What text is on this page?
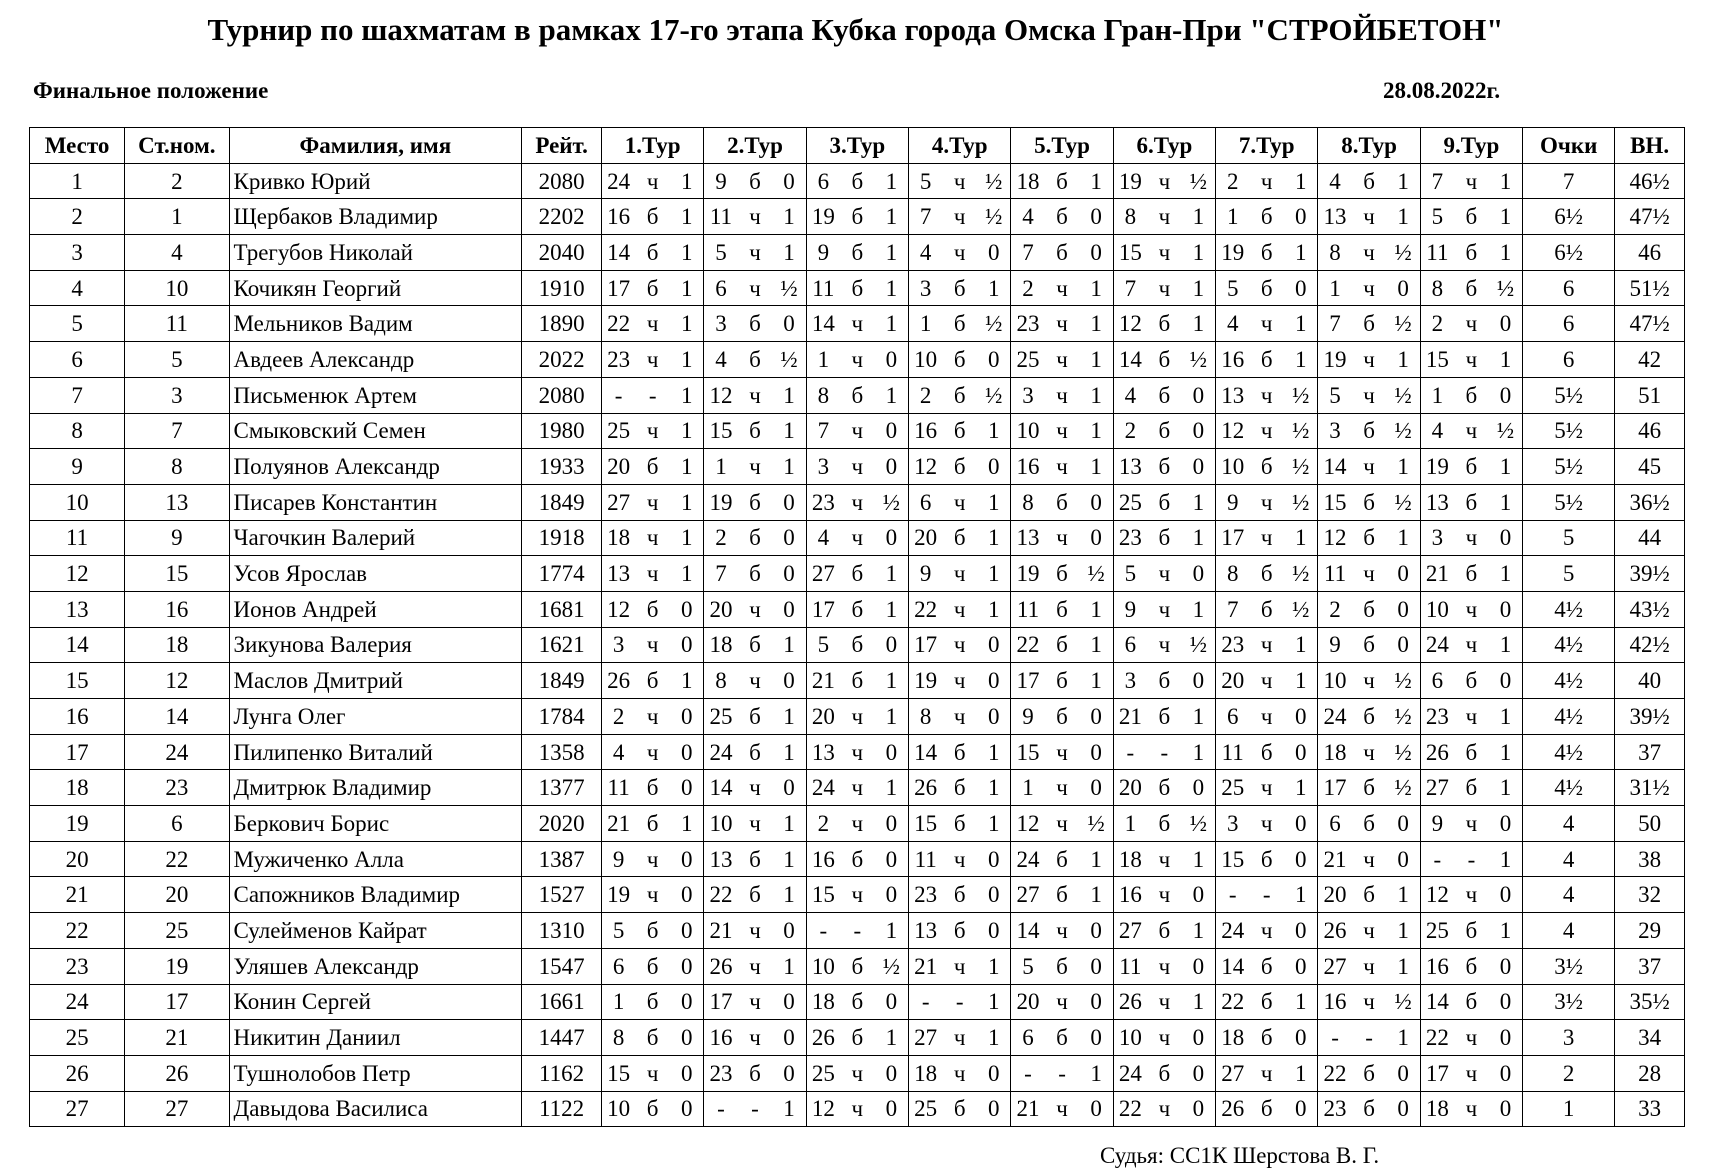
Турнир по шахматам в рамках 17-го этапа Кубка города Омска Гран-При "СТРОЙБЕТОН"
Финальное положение	28.08.2022г.
Место	Ст.ном.	Фамилия, имя	Рейт.	1.Тур			2.Тур			3.Тур			4.Тур			5.Тур			6.Тур			7.Тур			8.Тур			9.Тур			Очки	ВН.
1	2	Кривко Юрий	2080	24	ч	1	9	б	0	6	б	1	5	ч	½	18	б	1	19	ч	½	2	ч	1	4	б	1	7	ч	1	7	46½
2	1	Щербаков Владимир	2202	16	б	1	11	ч	1	19	б	1	7	ч	½	4	б	0	8	ч	1	1	б	0	13	ч	1	5	б	1	6½	47½
3	4	Трегубов Николай	2040	14	б	1	5	ч	1	9	б	1	4	ч	0	7	б	0	15	ч	1	19	б	1	8	ч	½	11	б	1	6½	46
4	10	Кочикян Георгий	1910	17	б	1	6	ч	½	11	б	1	3	б	1	2	ч	1	7	ч	1	5	б	0	1	ч	0	8	б	½	6	51½
5	11	Мельников Вадим	1890	22	ч	1	3	б	0	14	ч	1	1	б	½	23	ч	1	12	б	1	4	ч	1	7	б	½	2	ч	0	6	47½
6	5	Авдеев Александр	2022	23	ч	1	4	б	½	1	ч	0	10	б	0	25	ч	1	14	б	½	16	б	1	19	ч	1	15	ч	1	6	42
7	3	Письменюк Артем	2080	-	-	1	12	ч	1	8	б	1	2	б	½	3	ч	1	4	б	0	13	ч	½	5	ч	½	1	б	0	5½	51
8	7	Смыковский Семен	1980	25	ч	1	15	б	1	7	ч	0	16	б	1	10	ч	1	2	б	0	12	ч	½	3	б	½	4	ч	½	5½	46
9	8	Полуянов Александр	1933	20	б	1	1	ч	1	3	ч	0	12	б	0	16	ч	1	13	б	0	10	б	½	14	ч	1	19	б	1	5½	45
10	13	Писарев Константин	1849	27	ч	1	19	б	0	23	ч	½	6	ч	1	8	б	0	25	б	1	9	ч	½	15	б	½	13	б	1	5½	36½
11	9	Чагочкин Валерий	1918	18	ч	1	2	б	0	4	ч	0	20	б	1	13	ч	0	23	б	1	17	ч	1	12	б	1	3	ч	0	5	44
12	15	Усов Ярослав	1774	13	ч	1	7	б	0	27	б	1	9	ч	1	19	б	½	5	ч	0	8	б	½	11	ч	0	21	б	1	5	39½
13	16	Ионов Андрей	1681	12	б	0	20	ч	0	17	б	1	22	ч	1	11	б	1	9	ч	1	7	б	½	2	б	0	10	ч	0	4½	43½
14	18	Зикунова Валерия	1621	3	ч	0	18	б	1	5	б	0	17	ч	0	22	б	1	6	ч	½	23	ч	1	9	б	0	24	ч	1	4½	42½
15	12	Маслов Дмитрий	1849	26	б	1	8	ч	0	21	б	1	19	ч	0	17	б	1	3	б	0	20	ч	1	10	ч	½	6	б	0	4½	40
16	14	Лунга Олег	1784	2	ч	0	25	б	1	20	ч	1	8	ч	0	9	б	0	21	б	1	6	ч	0	24	б	½	23	ч	1	4½	39½
17	24	Пилипенко Виталий	1358	4	ч	0	24	б	1	13	ч	0	14	б	1	15	ч	0	-	-	1	11	б	0	18	ч	½	26	б	1	4½	37
18	23	Дмитрюк Владимир	1377	11	б	0	14	ч	0	24	ч	1	26	б	1	1	ч	0	20	б	0	25	ч	1	17	б	½	27	б	1	4½	31½
19	6	Беркович Борис	2020	21	б	1	10	ч	1	2	ч	0	15	б	1	12	ч	½	1	б	½	3	ч	0	6	б	0	9	ч	0	4	50
20	22	Мужиченко Алла	1387	9	ч	0	13	б	1	16	б	0	11	ч	0	24	б	1	18	ч	1	15	б	0	21	ч	0	-	-	1	4	38
21	20	Сапожников Владимир	1527	19	ч	0	22	б	1	15	ч	0	23	б	0	27	б	1	16	ч	0	-	-	1	20	б	1	12	ч	0	4	32
22	25	Сулейменов Кайрат	1310	5	б	0	21	ч	0	-	-	1	13	б	0	14	ч	0	27	б	1	24	ч	0	26	ч	1	25	б	1	4	29
23	19	Уляшев Александр	1547	6	б	0	26	ч	1	10	б	½	21	ч	1	5	б	0	11	ч	0	14	б	0	27	ч	1	16	б	0	3½	37
24	17	Конин Сергей	1661	1	б	0	17	ч	0	18	б	0	-	-	1	20	ч	0	26	ч	1	22	б	1	16	ч	½	14	б	0	3½	35½
25	21	Никитин Даниил	1447	8	б	0	16	ч	0	26	б	1	27	ч	1	6	б	0	10	ч	0	18	б	0	-	-	1	22	ч	0	3	34
26	26	Тушнолобов Петр	1162	15	ч	0	23	б	0	25	ч	0	18	ч	0	-	-	1	24	б	0	27	ч	1	22	б	0	17	ч	0	2	28
27	27	Давыдова Василиса	1122	10	б	0	-	-	1	12	ч	0	25	б	0	21	ч	0	22	ч	0	26	б	0	23	б	0	18	ч	0	1	33
Судья: СС1К Шерстова В. Г.
